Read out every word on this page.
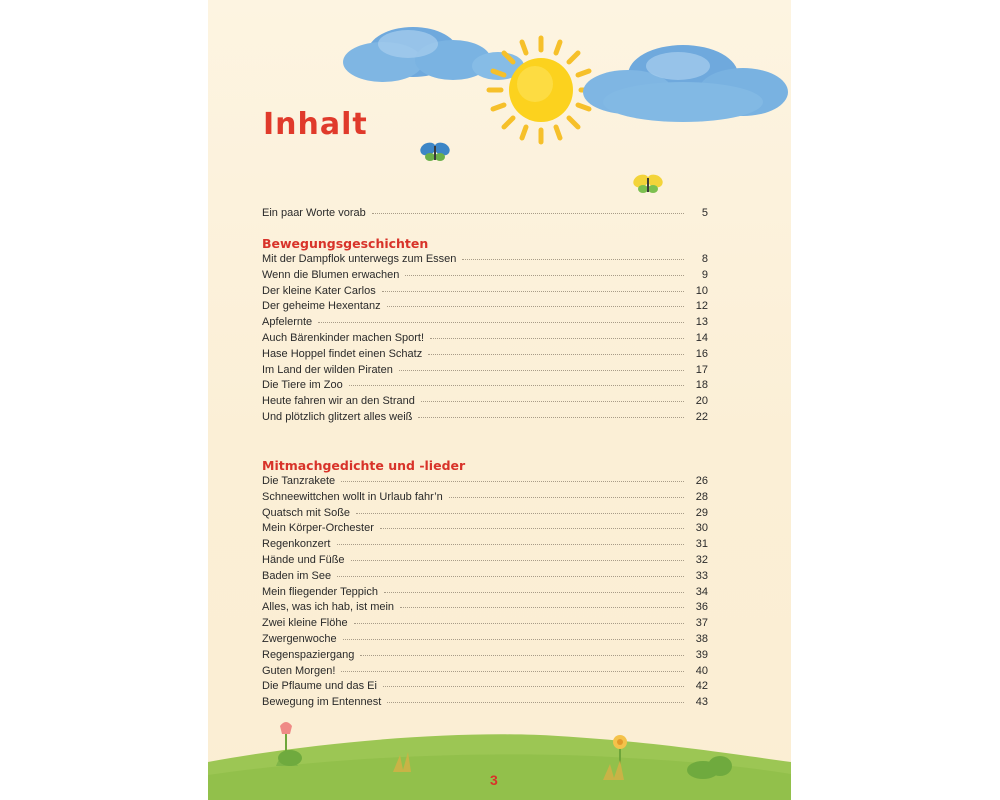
Inhalt
Ein paar Worte vorab	5
Bewegungsgeschichten
Mit der Dampflok unterwegs zum Essen	8
Wenn die Blumen erwachen	9
Der kleine Kater Carlos	10
Der geheime Hexentanz	12
Apfelernte	13
Auch Bärenkinder machen Sport!	14
Hase Hoppel findet einen Schatz	16
Im Land der wilden Piraten	17
Die Tiere im Zoo	18
Heute fahren wir an den Strand	20
Und plötzlich glitzert alles weiß	22
Mitmachgedichte und -lieder
Die Tanzrakete	26
Schneewittchen wollt in Urlaub fahr’n	28
Quatsch mit Soße	29
Mein Körper-Orchester	30
Regenkonzert	31
Hände und Füße	32
Baden im See	33
Mein fliegender Teppich	34
Alles, was ich hab, ist mein	36
Zwei kleine Flöhe	37
Zwergenwoche	38
Regenspaziergang	39
Guten Morgen!	40
Die Pflaume und das Ei	42
Bewegung im Entennest	43
3
